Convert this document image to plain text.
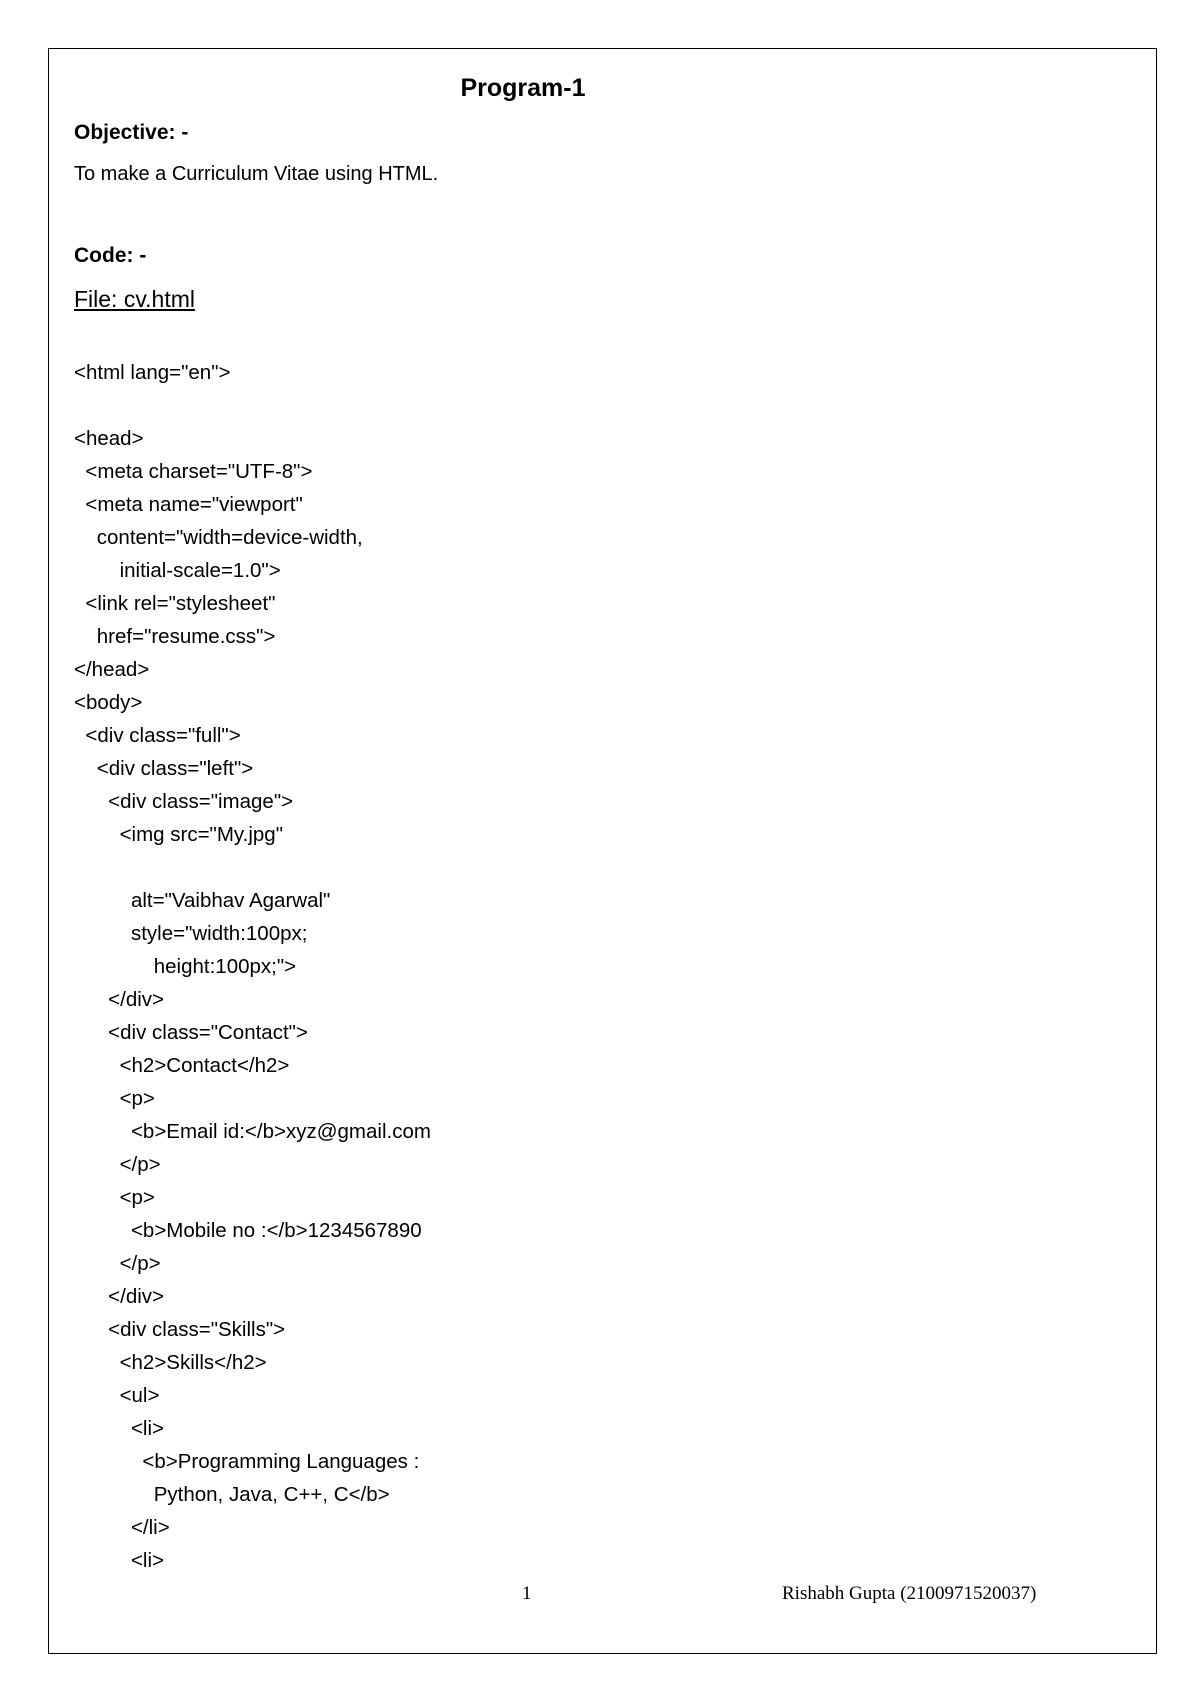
Program-1
Objective: -
To make a Curriculum Vitae using HTML.
Code: -
File: cv.html
<html lang="en">
<head>
<meta charset="UTF-8">
<meta name="viewport"
content="width=device-width,
initial-scale=1.0">
<link rel="stylesheet"
href="resume.css">
</head>
<body>
<div class="full">
<div class="left">
<div class="image">
<img src="My.jpg"
alt="Vaibhav Agarwal"
style="width:100px;
height:100px;">
</div>
<div class="Contact">
<h2>Contact</h2>
<p>
<b>Email id:</b>xyz@gmail.com
</p>
<p>
<b>Mobile no :</b>1234567890
</p>
</div>
<div class="Skills">
<h2>Skills</h2>
<ul>
<li>
<b>Programming Languages :
Python, Java, C++, C</b>
</li>
<li>
1	Rishabh Gupta (2100971520037)
